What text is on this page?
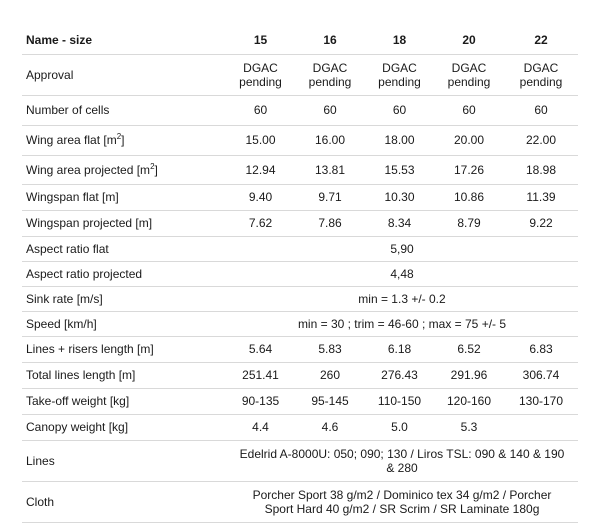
Name - size	15	16	18	20	22
Approval	DGAC pending	DGAC pending	DGAC pending	DGAC pending	DGAC pending
Number of cells	60	60	60	60	60
Wing area flat $[m^2]$	15.00	16.00	18.00	20.00	22.00
Wing area projected $[m^2]$	12.94	13.81	15.53	17.26	18.98
Wingspan flat [m]	9.40	9.71	10.30	10.86	11.39
Wingspan projected [m]	7.62	7.86	8.34	8.79	9.22
Aspect ratio flat	5,90				
Aspect ratio projected	4,48				
Sink rate [m/s]	min = 1.3 +/- 0.2				
Speed [km/h]	min = 30 ; trim = 46-60 ; max = 75 +/- 5				
Lines + risers length [m]	5.64	5.83	6.18	6.52	6.83
Total lines length [m]	251.41	260	276.43	291.96	306.74
Take-off weight [kg]	90-135	95-145	110-150	120-160	130-170
Canopy weight [kg]	4.4	4.6	5.0	5.3	
Lines	Edelrid A-8000U: 050; 090; 130 / Liros TSL: 090 & 140 & 190 & 280				

Cloth	Porcher Sport 38 g/m2 / Dominico tex 34 g/m2 / Porcher Sport Hard 40 g/m2 / SR Scrim / SR Laminate 180g				
